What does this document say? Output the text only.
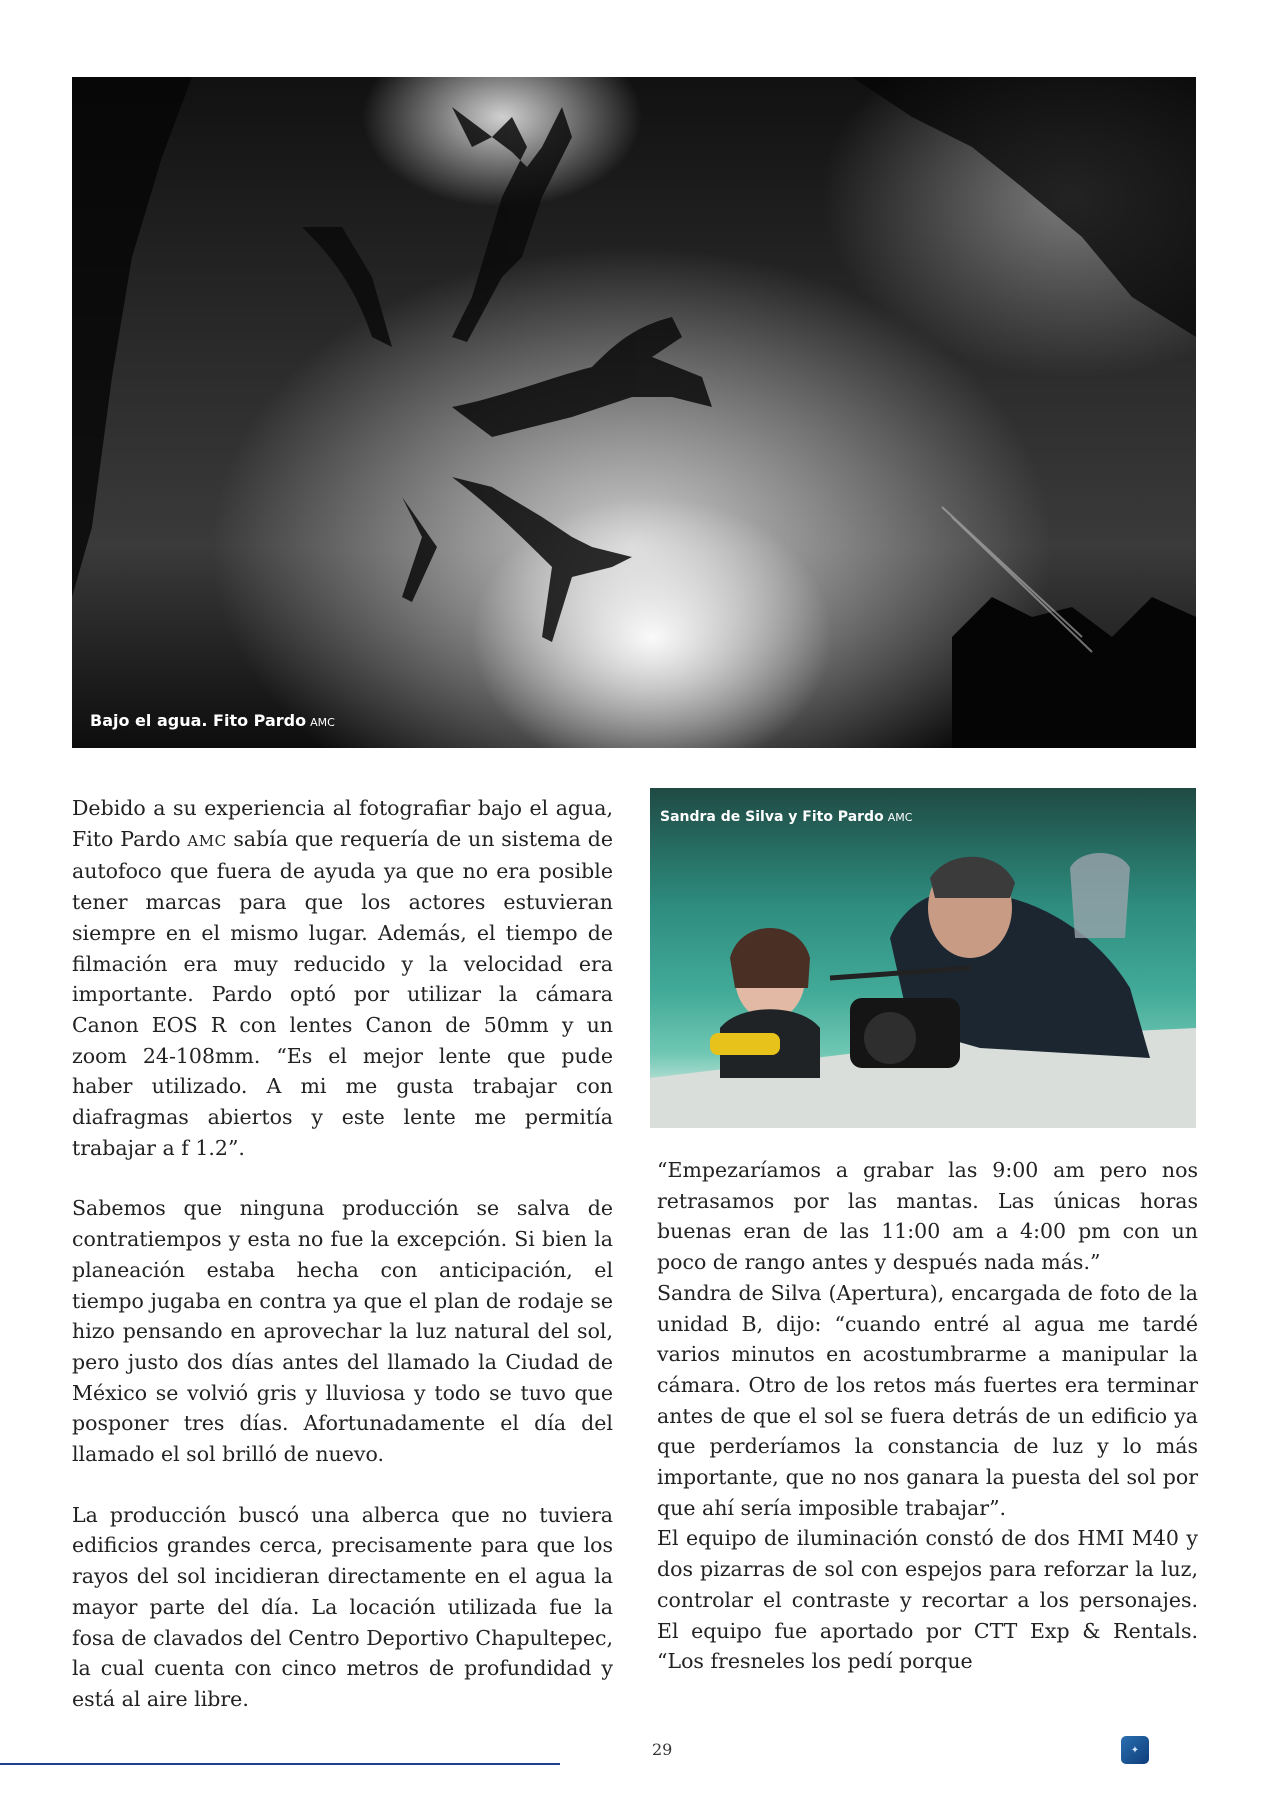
Bajo el agua. Fito Pardo AMC
Sandra de Silva y Fito Pardo AMC

Debido a su experiencia al fotografiar bajo el agua, Fito Pardo AMC sabía que requería de un sistema de autofoco que fuera de ayuda ya que no era posible tener marcas para que los actores estuvieran siempre en el mismo lugar. Además, el tiempo de filmación era muy reducido y la velocidad era importante. Pardo optó por utilizar la cámara Canon EOS R con lentes Canon de 50mm y un zoom 24-108mm. “Es el mejor lente que pude haber utilizado. A mi me gusta trabajar con diafragmas abiertos y este lente me permitía trabajar a f 1.2”.

Sabemos que ninguna producción se salva de contratiempos y esta no fue la excepción. Si bien la planeación estaba hecha con anticipación, el tiempo jugaba en contra ya que el plan de rodaje se hizo pensando en aprovechar la luz natural del sol, pero justo dos días antes del llamado la Ciudad de México se volvió gris y lluviosa y todo se tuvo que posponer tres días. Afortunadamente el día del llamado el sol brilló de nuevo.

La producción buscó una alberca que no tuviera edificios grandes cerca, precisamente para que los rayos del sol incidieran directamente en el agua la mayor parte del día. La locación utilizada fue la fosa de clavados del Centro Deportivo Chapultepec, la cual cuenta con cinco metros de profundidad y está al aire libre.

“Empezaríamos a grabar las 9:00 am pero nos retrasamos por las mantas. Las únicas horas buenas eran de las 11:00 am a 4:00 pm con un poco de rango antes y después nada más.”

Sandra de Silva (Apertura), encargada de foto de la unidad B, dijo: “cuando entré al agua me tardé varios minutos en acostumbrarme a manipular la cámara. Otro de los retos más fuertes era terminar antes de que el sol se fuera detrás de un edificio ya que perderíamos la constancia de luz y lo más importante, que no nos ganara la puesta del sol por que ahí sería imposible trabajar”.

El equipo de iluminación constó de dos HMI M40 y dos pizarras de sol con espejos para reforzar la luz, controlar el contraste y recortar a los personajes. El equipo fue aportado por CTT Exp & Rentals. “Los fresneles los pedí porque

29	✦
